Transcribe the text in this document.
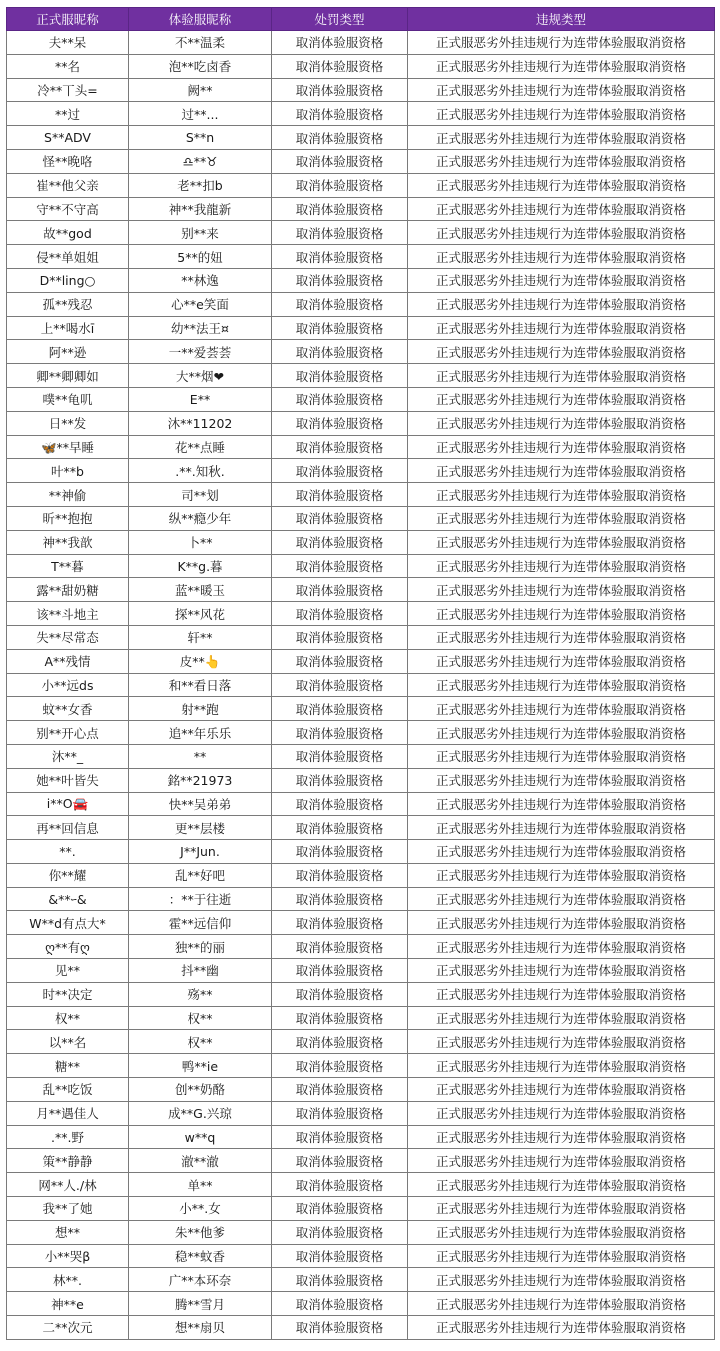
正式服昵称	体验服昵称	处罚类型	违规类型
夫**呆	不**温柔	取消体验服资格	正式服恶劣外挂违规行为连带体验服取消资格
**名	泡**吃卤香	取消体验服资格	正式服恶劣外挂违规行为连带体验服取消资格
冷**丅头=	阙**	取消体验服资格	正式服恶劣外挂违规行为连带体验服取消资格
**过	过**...	取消体验服资格	正式服恶劣外挂违规行为连带体验服取消资格
S**ADV	S**n	取消体验服资格	正式服恶劣外挂违规行为连带体验服取消资格
怪**晚咯	♎**♉	取消体验服资格	正式服恶劣外挂违规行为连带体验服取消资格
崔**他父亲	老**扣b	取消体验服资格	正式服恶劣外挂违规行为连带体验服取消资格
守**不守高	神**我龍新	取消体验服资格	正式服恶劣外挂违规行为连带体验服取消资格
故**god	别**来	取消体验服资格	正式服恶劣外挂违规行为连带体验服取消资格
侵**单姐姐	5**的妞	取消体验服资格	正式服恶劣外挂违规行为连带体验服取消资格
D**ling○	**林逸	取消体验服资格	正式服恶劣外挂违规行为连带体验服取消资格
孤**残忍	心**e笑面	取消体验服资格	正式服恶劣外挂违规行为连带体验服取消资格
上**喝水ī	幼**法王¤	取消体验服资格	正式服恶劣外挂违规行为连带体验服取消资格
阿**逊	一**爱荟荟	取消体验服资格	正式服恶劣外挂违规行为连带体验服取消资格
卿**卿卿如	大**烟❤	取消体验服资格	正式服恶劣外挂违规行为连带体验服取消资格
噗**龟叽	E**	取消体验服资格	正式服恶劣外挂违规行为连带体验服取消资格
日**发	沐**11202	取消体验服资格	正式服恶劣外挂违规行为连带体验服取消资格
🦋**早睡	花**点睡	取消体验服资格	正式服恶劣外挂违规行为连带体验服取消资格
叶**b	.**.知秋.	取消体验服资格	正式服恶劣外挂违规行为连带体验服取消资格
**神偷	司**划	取消体验服资格	正式服恶劣外挂违规行为连带体验服取消资格
昕**抱抱	纵**瘾少年	取消体验服资格	正式服恶劣外挂违规行为连带体验服取消资格
神**我歆	卜**	取消体验服资格	正式服恶劣外挂违规行为连带体验服取消资格
T**暮	K**g.暮	取消体验服资格	正式服恶劣外挂违规行为连带体验服取消资格
露**甜奶糖	蓝**暖玉	取消体验服资格	正式服恶劣外挂违规行为连带体验服取消资格
该**斗地主	探**风花	取消体验服资格	正式服恶劣外挂违规行为连带体验服取消资格
失**尽常态	轩**	取消体验服资格	正式服恶劣外挂违规行为连带体验服取消资格
A**残情	皮**👆	取消体验服资格	正式服恶劣外挂违规行为连带体验服取消资格
小**远ds	和**看日落	取消体验服资格	正式服恶劣外挂违规行为连带体验服取消资格
蚊**女香	射**跑	取消体验服资格	正式服恶劣外挂违规行为连带体验服取消资格
别**开心点	追**年乐乐	取消体验服资格	正式服恶劣外挂违规行为连带体验服取消资格
沐**_	**	取消体验服资格	正式服恶劣外挂违规行为连带体验服取消资格
她**叶皆失	銘**21973	取消体验服资格	正式服恶劣外挂违规行为连带体验服取消资格
i**O🚘	快**吴弟弟	取消体验服资格	正式服恶劣外挂违规行为连带体验服取消资格
再**回信息	更**层楼	取消体验服资格	正式服恶劣外挂违规行为连带体验服取消资格
**.	J**Jun.	取消体验服资格	正式服恶劣外挂违规行为连带体验服取消资格
你**耀	乱**好吧	取消体验服资格	正式服恶劣外挂违规行为连带体验服取消资格
&**ｰ&	：**于往逝	取消体验服资格	正式服恶劣外挂违规行为连带体验服取消资格
W**d有点大*	霍**远信仰	取消体验服资格	正式服恶劣外挂违规行为连带体验服取消资格
ღ**有ღ	独**的丽	取消体验服资格	正式服恶劣外挂违规行为连带体验服取消资格
见**	抖**幽	取消体验服资格	正式服恶劣外挂违规行为连带体验服取消资格
时**决定	殇**	取消体验服资格	正式服恶劣外挂违规行为连带体验服取消资格
权**	权**	取消体验服资格	正式服恶劣外挂违规行为连带体验服取消资格
以**名	权**	取消体验服资格	正式服恶劣外挂违规行为连带体验服取消资格
糖**	鸭**ie	取消体验服资格	正式服恶劣外挂违规行为连带体验服取消资格
乱**吃饭	创**奶酪	取消体验服资格	正式服恶劣外挂违规行为连带体验服取消资格
月**遇佳人	成**G.兴琼	取消体验服资格	正式服恶劣外挂违规行为连带体验服取消资格
.**.野	w**q	取消体验服资格	正式服恶劣外挂违规行为连带体验服取消资格
策**静静	澈**澈	取消体验服资格	正式服恶劣外挂违规行为连带体验服取消资格
网**人./林	单**	取消体验服资格	正式服恶劣外挂违规行为连带体验服取消资格
我**了她	小**.女	取消体验服资格	正式服恶劣外挂违规行为连带体验服取消资格
想**	朱**他爹	取消体验服资格	正式服恶劣外挂违规行为连带体验服取消资格
小**哭β	稳**蚊香	取消体验服资格	正式服恶劣外挂违规行为连带体验服取消资格
林**.	广**本环奈	取消体验服资格	正式服恶劣外挂违规行为连带体验服取消资格
神**e	腾**雪月	取消体验服资格	正式服恶劣外挂违规行为连带体验服取消资格
二**次元	想**扇贝	取消体验服资格	正式服恶劣外挂违规行为连带体验服取消资格
